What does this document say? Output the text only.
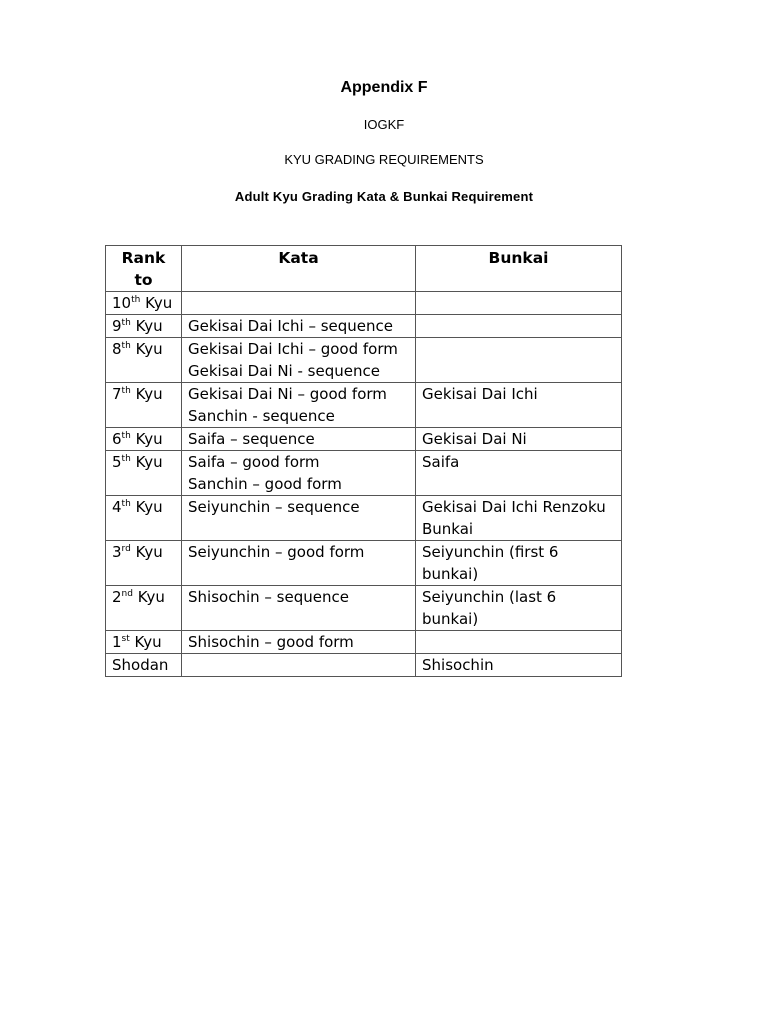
Appendix F

IOGKF

KYU GRADING REQUIREMENTS

Adult Kyu Grading Kata & Bunkai Requirement

Rank to	Kata	Bunkai
10th Kyu		
9th Kyu	Gekisai Dai Ichi – sequence	

8th Kyu	Gekisai Dai Ichi – good form
Gekisai Dai Ni - sequence	

7th Kyu	Gekisai Dai Ni – good form
Sanchin - sequence	Gekisai Dai Ichi

6th Kyu	Saifa – sequence	Gekisai Dai Ni

5th Kyu	Saifa – good form
Sanchin – good form	Saifa

4th Kyu	Seiyunchin – sequence	Gekisai Dai Ichi Renzoku Bunkai

3rd Kyu	Seiyunchin – good form	Seiyunchin (first 6 bunkai)

2nd Kyu	Shisochin – sequence	Seiyunchin (last 6 bunkai)

1st Kyu	Shisochin – good form	

Shodan		Shisochin
